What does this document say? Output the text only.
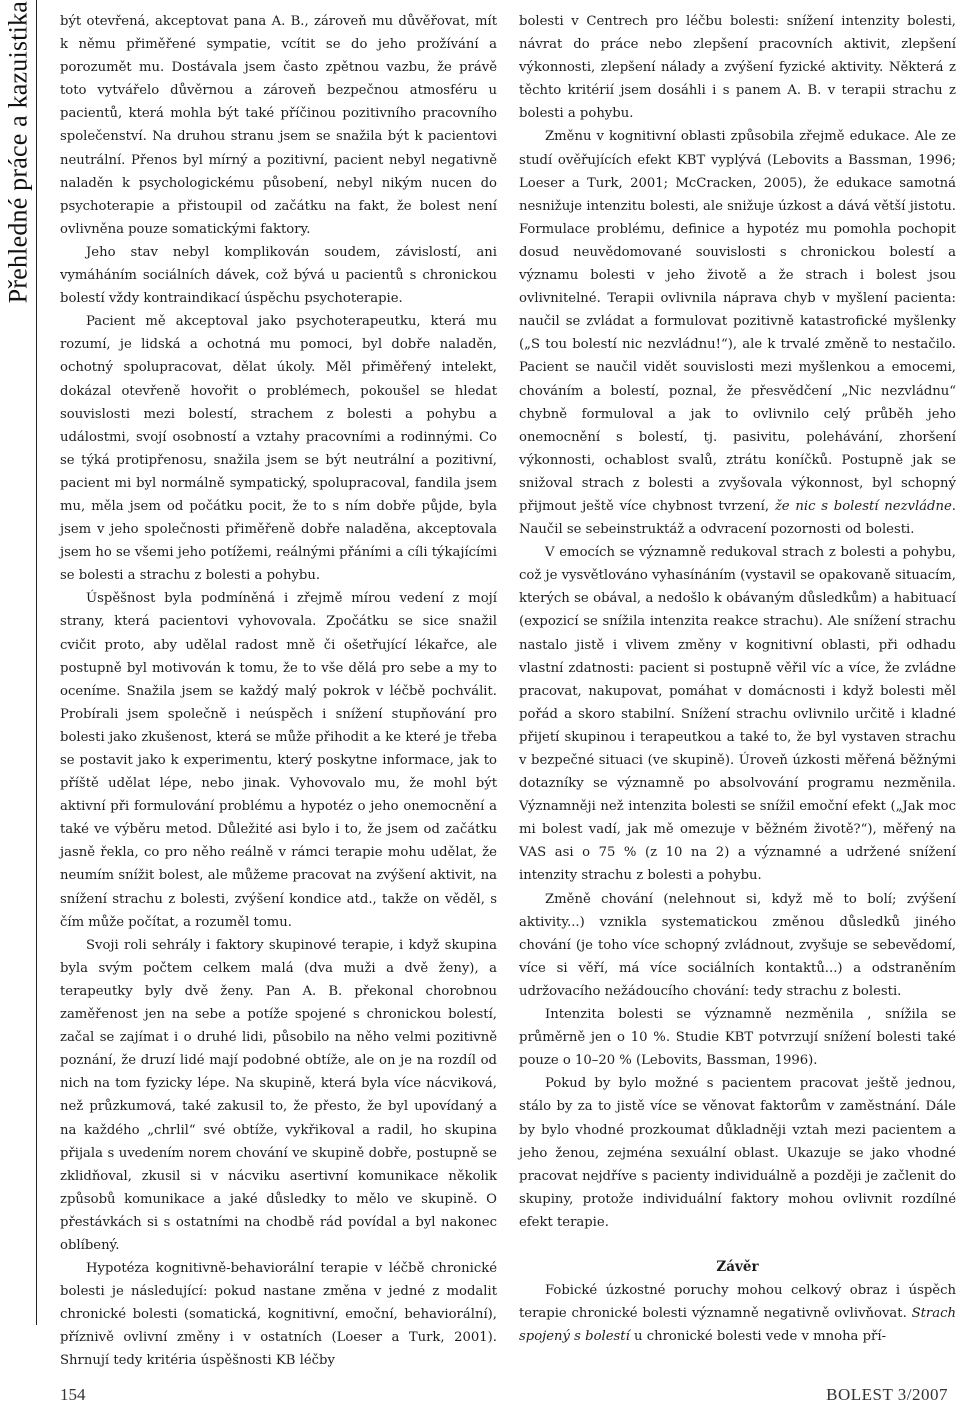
Přehledné práce a kazuistika být otevřená, akceptovat pana A. B., zároveň mu důvěřovat, mít k němu přiměřené sympatie, vcítit se do jeho prožívání a porozumět mu. Dostávala jsem často zpětnou vazbu, že právě toto vytvářelo důvěrnou a zároveň bezpečnou atmosféru u pacientů, která mohla být také příčinou pozitivního pracovního společenství. Na druhou stranu jsem se snažila být k pacientovi neutrální. Přenos byl mírný a pozitivní, pacient nebyl negativně naladěn k psychologickému působení, nebyl nikým nucen do psychoterapie a přistoupil od začátku na fakt, že bolest není ovlivněna pouze somatickými faktory.

Jeho stav nebyl komplikován soudem, závislostí, ani vymáháním sociálních dávek, což bývá u pacientů s chronickou bolestí vždy kontraindikací úspěchu psychoterapie.

Pacient mě akceptoval jako psychoterapeutku, která mu rozumí, je lidská a ochotná mu pomoci, byl dobře naladěn, ochotný spolupracovat, dělat úkoly. Měl přiměřený intelekt, dokázal otevřeně hovořit o problémech, pokoušel se hledat souvislosti mezi bolestí, strachem z bolesti a pohybu a událostmi, svojí osobností a vztahy pracovními a rodinnými. Co se týká protipřenosu, snažila jsem se být neutrální a pozitivní, pacient mi byl normálně sympatický, spolupracoval, fandila jsem mu, měla jsem od počátku pocit, že to s ním dobře půjde, byla jsem v jeho společnosti přiměřeně dobře naladěna, akceptovala jsem ho se všemi jeho potížemi, reálnými přáními a cíli týkajícími se bolesti a strachu z bolesti a pohybu.

Úspěšnost byla podmíněná i zřejmě mírou vedení z mojí strany, která pacientovi vyhovovala. Zpočátku se sice snažil cvičit proto, aby udělal radost mně či ošetřující lékařce, ale postupně byl motivován k tomu, že to vše dělá pro sebe a my to oceníme. Snažila jsem se každý malý pokrok v léčbě pochválit. Probírali jsem společně i neúspěch i snížení stupňování pro bolesti jako zkušenost, která se může přihodit a ke které je třeba se postavit jako k experimentu, který poskytne informace, jak to příště udělat lépe, nebo jinak. Vyhovovalo mu, že mohl být aktivní při formulování problému a hypotéz o jeho onemocnění a také ve výběru metod. Důležité asi bylo i to, že jsem od začátku jasně řekla, co pro něho reálně v rámci terapie mohu udělat, že neumím snížit bolest, ale můžeme pracovat na zvýšení aktivit, na snížení strachu z bolesti, zvýšení kondice atd., takže on věděl, s čím může počítat, a rozuměl tomu.

Svoji roli sehrály i faktory skupinové terapie, i když skupina byla svým počtem celkem malá (dva muži a dvě ženy), a terapeutky byly dvě ženy. Pan A. B. překonal chorobnou zaměřenost jen na sebe a potíže spojené s chronickou bolestí, začal se zajímat i o druhé lidi, působilo na něho velmi pozitivně poznání, že druzí lidé mají podobné obtíže, ale on je na rozdíl od nich na tom fyzicky lépe. Na skupině, která byla více nácviková, než průzkumová, také zakusil to, že přesto, že byl upovídaný a na každého „chrlil“ své obtíže, vykřikoval a radil, ho skupina přijala s uvedením norem chování ve skupině dobře, postupně se zklidňoval, zkusil si v nácviku asertivní komunikace několik způsobů komunikace a jaké důsledky to mělo ve skupině. O přestávkách si s ostatními na chodbě rád povídal a byl nakonec oblíbený.

Hypotéza kognitivně-behaviorální terapie v léčbě chronické bolesti je následující: pokud nastane změna v jedné z modalit chronické bolesti (somatická, kognitivní, emoční, behaviorální), příznivě ovlivní změny i v ostatních (Loeser a Turk, 2001). Shrnují tedy kritéria úspěšnosti KB léčby

bolesti v Centrech pro léčbu bolesti: snížení intenzity bolesti, návrat do práce nebo zlepšení pracovních aktivit, zlepšení výkonnosti, zlepšení nálady a zvýšení fyzické aktivity. Některá z těchto kritérií jsem dosáhli i s panem A. B. v terapii strachu z bolesti a pohybu.

Změnu v kognitivní oblasti způsobila zřejmě edukace. Ale ze studí ověřujících efekt KBT vyplývá (Lebovits a Bassman, 1996; Loeser a Turk, 2001; McCracken, 2005), že edukace samotná nesnižuje intenzitu bolesti, ale snižuje úzkost a dává větší jistotu. Formulace problému, definice a hypotéz mu pomohla pochopit dosud neuvědomované souvislosti s chronickou bolestí a významu bolesti v jeho životě a že strach i bolest jsou ovlivnitelné. Terapii ovlivnila náprava chyb v myšlení pacienta: naučil se zvládat a formulovat pozitivně katastrofické myšlenky („S tou bolestí nic nezvládnu!“), ale k trvalé změně to nestačilo. Pacient se naučil vidět souvislosti mezi myšlenkou a emocemi, chováním a bolestí, poznal, že přesvědčení „Nic nezvládnu“ chybně formuloval a jak to ovlivnilo celý průběh jeho onemocnění s bolestí, tj. pasivitu, polehávání, zhoršení výkonnosti, ochablost svalů, ztrátu koníčků. Postupně jak se snižoval strach z bolesti a zvyšovala výkonnost, byl schopný přijmout ještě více chybnost tvrzení, že nic s bolestí nezvládne. Naučil se sebeinstruktáž a odvracení pozornosti od bolesti.

V emocích se významně redukoval strach z bolesti a pohybu, což je vysvětlováno vyhasínáním (vystavil se opakovaně situacím, kterých se obával, a nedošlo k obávaným důsledkům) a habituací (expozicí se snížila intenzita reakce strachu). Ale snížení strachu nastalo jistě i vlivem změny v kognitivní oblasti, při odhadu vlastní zdatnosti: pacient si postupně věřil víc a více, že zvládne pracovat, nakupovat, pomáhat v domácnosti i když bolesti měl pořád a skoro stabilní. Snížení strachu ovlivnilo určitě i kladné přijetí skupinou i terapeutkou a také to, že byl vystaven strachu v bezpečné situaci (ve skupině). Úroveň úzkosti měřená běžnými dotazníky se významně po absolvování programu nezměnila. Významněji než intenzita bolesti se snížil emoční efekt („Jak moc mi bolest vadí, jak mě omezuje v běžném životě?“), měřený na VAS asi o 75 % (z 10 na 2) a významné a udržené snížení intenzity strachu z bolesti a pohybu.

Změně chování (nelehnout si, když mě to bolí; zvýšení aktivity...) vznikla systematickou změnou důsledků jiného chování (je toho více schopný zvládnout, zvyšuje se sebevědomí, více si věří, má více sociálních kontaktů...) a odstraněním udržovacího nežádoucího chování: tedy strachu z bolesti.

Intenzita bolesti se významně nezměnila , snížila se průměrně jen o 10 %. Studie KBT potvrzují snížení bolesti také pouze o 10–20 % (Lebovits, Bassman, 1996).

Pokud by bylo možné s pacientem pracovat ještě jednou, stálo by za to jistě více se věnovat faktorům v zaměstnání. Dále by bylo vhodné prozkoumat důkladněji vztah mezi pacientem a jeho ženou, zejména sexuální oblast. Ukazuje se jako vhodné pracovat nejdříve s pacienty individuálně a později je začlenit do skupiny, protože individuální faktory mohou ovlivnit rozdílné efekt terapie.

Závěr

Fobické úzkostné poruchy mohou celkový obraz i úspěch terapie chronické bolesti významně negativně ovlivňovat. Strach spojený s bolestí u chronické bolesti vede v mnoha pří-

154	BOLEST 3/2007
